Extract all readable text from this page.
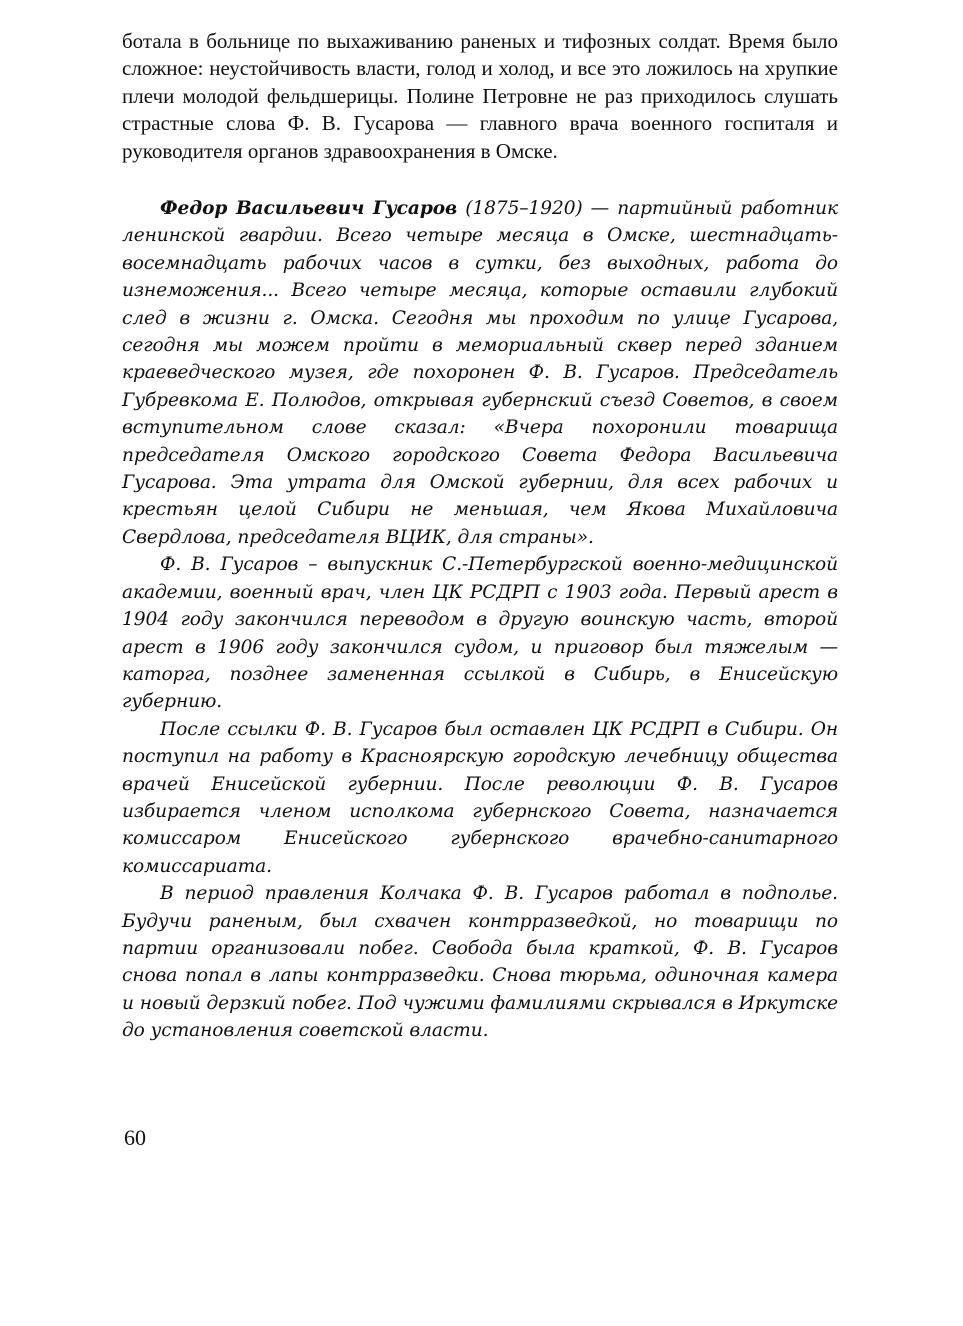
ботала в больнице по выхаживанию раненых и тифозных солдат. Время было сложное: неустойчивость власти, голод и холод, и все это ложилось на хрупкие плечи молодой фельдшерицы. Полине Петровне не раз приходилось слушать страстные слова Ф. В. Гусарова — главного врача военного госпиталя и руководителя органов здравоохранения в Омске.

Федор Васильевич Гусаров (1875–1920) — партийный работник ленинской гвардии. Всего четыре месяца в Омске, шестнадцать-восемнадцать рабочих часов в сутки, без выходных, работа до изнеможения... Всего четыре месяца, которые оставили глубокий след в жизни г. Омска. Сегодня мы проходим по улице Гусарова, сегодня мы можем пройти в мемориальный сквер перед зданием краеведческого музея, где похоронен Ф. В. Гусаров. Председатель Губревкома Е. Полюдов, открывая губернский съезд Советов, в своем вступительном слове сказал: «Вчера похоронили товарища председателя Омского городского Совета Федора Васильевича Гусарова. Эта утрата для Омской губернии, для всех рабочих и крестьян целой Сибири не меньшая, чем Якова Михайловича Свердлова, председателя ВЦИК, для страны».

Ф. В. Гусаров – выпускник С.-Петербургской военно-медицинской академии, военный врач, член ЦК РСДРП с 1903 года. Первый арест в 1904 году закончился переводом в другую воинскую часть, второй арест в 1906 году закончился судом, и приговор был тяжелым — каторга, позднее замененная ссылкой в Сибирь, в Енисейскую губернию.

После ссылки Ф. В. Гусаров был оставлен ЦК РСДРП в Сибири. Он поступил на работу в Красноярскую городскую лечебницу общества врачей Енисейской губернии. После революции Ф. В. Гусаров избирается членом исполкома губернского Совета, назначается комиссаром Енисейского губернского врачебно-санитарного комиссариата.

В период правления Колчака Ф. В. Гусаров работал в подполье. Будучи раненым, был схвачен контрразведкой, но товарищи по партии организовали побег. Свобода была краткой, Ф. В. Гусаров снова попал в лапы контрразведки. Снова тюрьма, одиночная камера и новый дерзкий побег. Под чужими фамилиями скрывался в Иркутске до установления советской власти.

60
